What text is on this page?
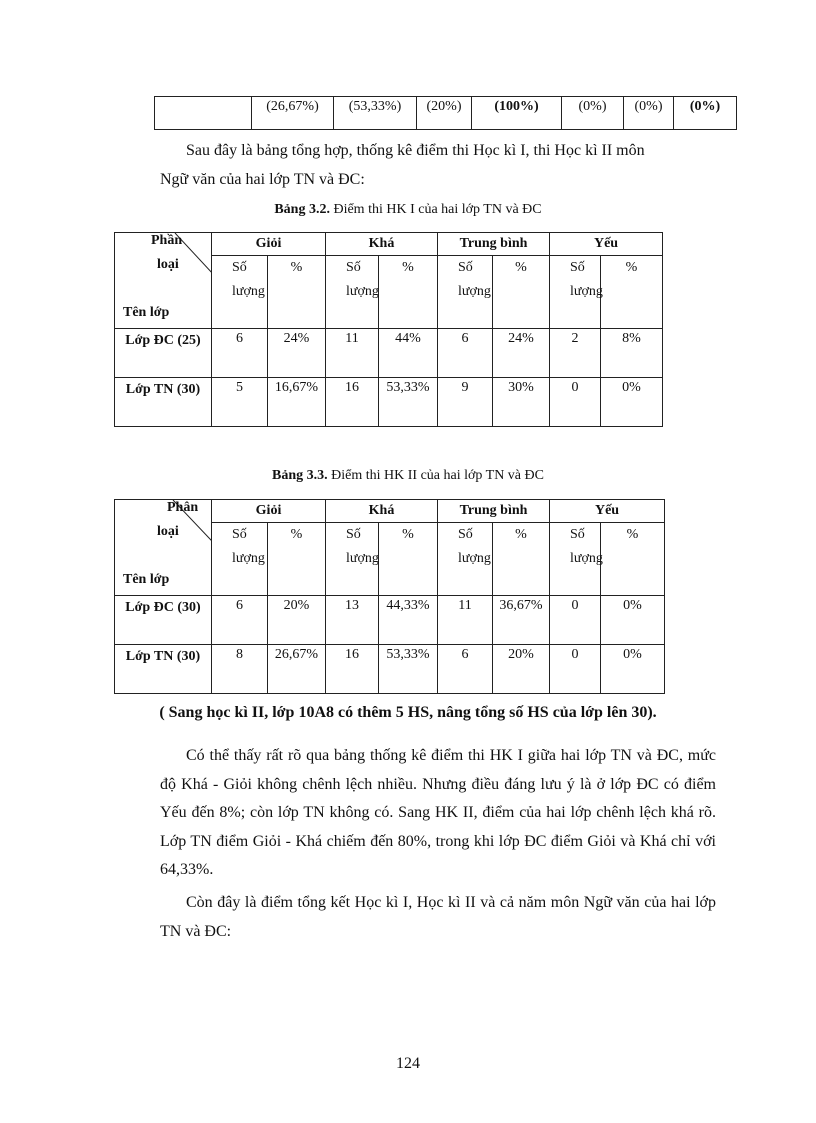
	(26,67%)	(53,33%)	(20%)	(100%)	(0%)	(0%)	(0%)
Sau đây là bảng tổng hợp, thống kê điểm thi Học kì I, thi Học kì II môn
Ngữ văn của hai lớp TN và ĐC:
Bảng 3.2. Điểm thi HK I của hai lớp TN và ĐC
Phần
loại
Tên lớp	Giỏi		Khá		Trung bình		Yếu	
	Số lượng	%	Số lượng	%	Số lượng	%	Số lượng	%
Lớp ĐC (25)	6	24%	11	44%	6	24%	2	8%
Lớp TN (30)	5	16,67%	16	53,33%	9	30%	0	0%
Bảng 3.3. Điểm thi HK II của hai lớp TN và ĐC
Phân
loại
Tên lớp	Giỏi		Khá		Trung bình		Yếu	
	Số lượng	%	Số lượng	%	Số lượng	%	Số lượng	%
Lớp ĐC (30)	6	20%	13	44,33%	11	36,67%	0	0%
Lớp TN (30)	8	26,67%	16	53,33%	6	20%	0	0%
( Sang học kì II, lớp 10A8 có thêm 5 HS, nâng tổng số HS của lớp lên 30).
Có thể thấy rất rõ qua bảng thống kê điểm thi HK I giữa hai lớp TN và ĐC, mức độ Khá - Giỏi không chênh lệch nhiều. Nhưng điều đáng lưu ý là ở lớp ĐC có điểm Yếu đến 8%; còn lớp TN không có. Sang HK II, điểm của hai lớp chênh lệch khá rõ. Lớp TN điểm Giỏi - Khá chiếm đến 80%, trong khi lớp ĐC điểm Giỏi và Khá chỉ với 64,33%.
Còn đây là điểm tổng kết Học kì I, Học kì II và cả năm môn Ngữ văn của hai lớp TN và ĐC:
124
